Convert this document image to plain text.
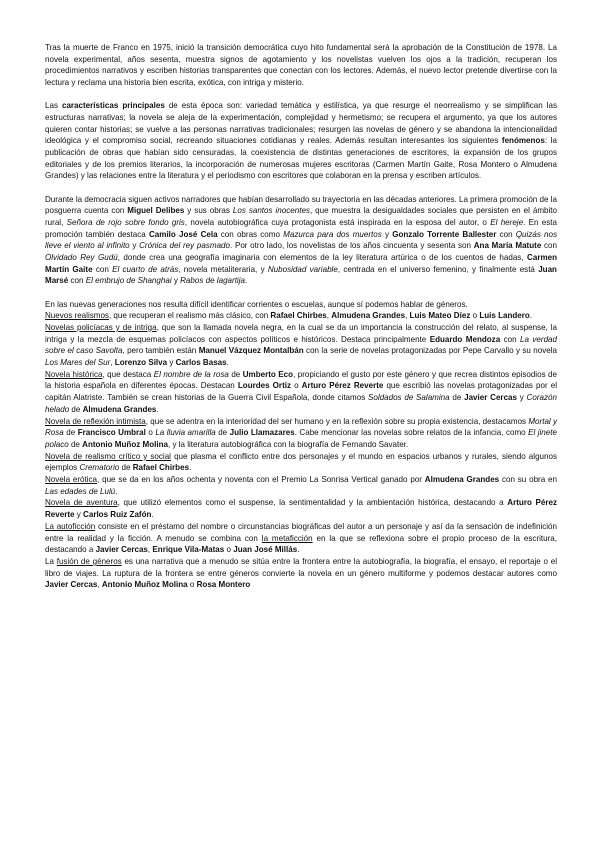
Tras la muerte de Franco en 1975, inició la transición democrática cuyo hito fundamental será la aprobación de la Constitución de 1978. La novela experimental, años sesenta, muestra signos de agotamiento y los novelistas vuelven los ojos a la tradición, recuperan los procedimientos narrativos y escriben historias transparentes que conectan con los lectores. Además, el nuevo lector pretende divertirse con la lectura y reclama una historia bien escrita, exótica, con intriga y misterio.

Las características principales de esta época son: variedad temática y estilística, ya que resurge el neorrealismo y se simplifican las estructuras narrativas; la novela se aleja de la experimentación, complejidad y hermetismo; se recupera el argumento, ya que los autores quieren contar historias; se vuelve a las personas narrativas tradicionales; resurgen las novelas de género y se abandona la intencionalidad ideológica y el compromiso social, recreando situaciones cotidianas y reales. Además resultan interesantes los siguientes fenómenos: la publicación de obras que habían sido censuradas, la coexistencia de distintas generaciones de escritores, la expansión de los grupos editoriales y de los premios literarios, la incorporación de numerosas mujeres escritoras (Carmen Martín Gaite, Rosa Montero o Almudena Grandes) y las relaciones entre la literatura y el periodismo con escritores que colaboran en la prensa y escriben artículos.

Durante la democracia siguen activos narradores que habían desarrollado su trayectoria en las décadas anteriores. La primera promoción de la posguerra cuenta con Miguel Delibes y sus obras Los santos inocentes, que muestra la desigualdades sociales que persisten en el ámbito rural, Señora de rojo sobre fondo gris, novela autobiográfica cuya protagonista está inspirada en la esposa del autor, o El hereje. En esta promoción también destaca Camilo José Cela con obras como Mazurca para dos muertos y Gonzalo Torrente Ballester con Quizás nos lleve el viento al infinito y Crónica del rey pasmado. Por otro lado, los novelistas de los años cincuenta y sesenta son Ana María Matute con Olvidado Rey Gudú, donde crea una geografía imaginaria con elementos de la ley literatura artúrica o de los cuentos de hadas, Carmen Martín Gaite con El cuarto de atrás, novela metaliteraria, y Nubosidad variable, centrada en el universo femenino, y finalmente está Juan Marsé con El embrujo de Shanghai y Rabos de lagartija.

En las nuevas generaciones nos resulta difícil identificar corrientes o escuelas, aunque sí podemos hablar de géneros.

Nuevos realismos, que recuperan el realismo más clásico, con Rafael Chirbes, Almudena Grandes, Luis Mateo Díez o Luis Landero.

Novelas policíacas y de intriga, que son la llamada novela negra, en la cual se da un importancia la construcción del relato, al suspense, la intriga y la mezcla de esquemas policíacos con aspectos políticos e históricos. Destaca principalmente Eduardo Mendoza con La verdad sobre el caso Savolta, pero también están Manuel Vázquez Montalbán con la serie de novelas protagonizadas por Pepe Carvallo y su novela Los Mares del Sur, Lorenzo Silva y Carlos Basas.

Novela histórica, que destaca El nombre de la rosa de Umberto Eco, propiciando el gusto por este género y que recrea distintos episodios de la historia española en diferentes épocas. Destacan Lourdes Ortiz o Arturo Pérez Reverte que escribió las novelas protagonizadas por el capitán Alatriste. También se crean historias de la Guerra Civil Española, donde citamos Soldados de Salamina de Javier Cercas y Corazón helado de Almudena Grandes.

Novela de reflexión intimista, que se adentra en la interioridad del ser humano y en la reflexión sobre su propia existencia, destacamos Mortal y Rosa de Francisco Umbral o La lluvia amarilla de Julio Llamazares. Cabe mencionar las novelas sobre relatos de la infancia, como El jinete polaco de Antonio Muñoz Molina, y la literatura autobiográfica con la biografía de Fernando Savater.

Novela de realismo crítico y social que plasma el conflicto entre dos personajes y el mundo en espacios urbanos y rurales, siendo algunos ejemplos Crematorio de Rafael Chirbes.

Novela erótica, que se da en los años ochenta y noventa con el Premio La Sonrisa Vertical ganado por Almudena Grandes con su obra en Las edades de Lulú.

Novela de aventura, que utilizó elementos como el suspense, la sentimentalidad y la ambientación histórica, destacando a Arturo Pérez Reverte y Carlos Ruiz Zafón.

La autoficción consiste en el préstamo del nombre o circunstancias biográficas del autor a un personaje y así da la sensación de indefinición entre la realidad y la ficción. A menudo se combina con la metaficción en la que se reflexiona sobre el propio proceso de la escritura, destacando a Javier Cercas, Enrique Vila-Matas o Juan José Millás.

La fusión de géneros es una narrativa que a menudo se sitúa entre la frontera entre la autobiografía, la biografía, el ensayo, el reportaje o el libro de viajes. La ruptura de la frontera se entre géneros convierte la novela en un género multiforme y podemos destacar autores como Javier Cercas, Antonio Muñoz Molina o Rosa Montero
